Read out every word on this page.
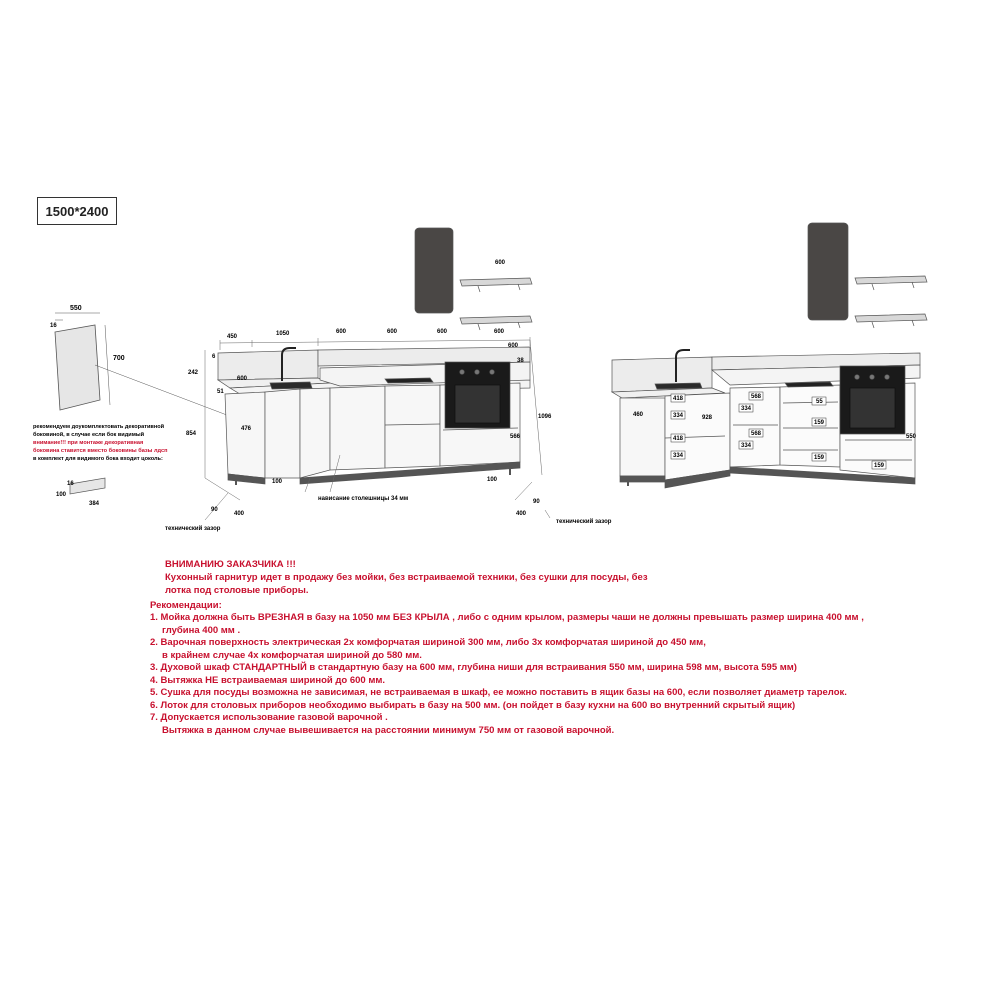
1500*2400
550
16
700
рекомендуем доукомплектовать декоративной
боковиной, в случае если бок видимый
внимание!!! при монтаже декоративная
боковина ставится вместо боковины базы лдсп
в комплект для видимого бока входит цоколь:
16
100
384
450	1050	600	600	600	600
600
600
38
6
242
600
51
476
854
1096
566
100	100
90
400
90
400
нависание столешницы 34 мм
технический зазор
технический зазор
460
418
334	928
418
334
568
334
568
334
55
159
159
159
550

ВНИМАНИЮ ЗАКАЗЧИКА !!!

Кухонный гарнитур идет в продажу без мойки, без встраиваемой техники, без сушки для посуды, без

лотка под столовые приборы.

Рекомендации:

1. Мойка должна быть ВРЕЗНАЯ в базу на 1050 мм БЕЗ КРЫЛА , либо с одним крылом, размеры чаши не должны превышать размер ширина 400 мм ,

глубина 400 мм .

2. Варочная поверхность электрическая 2х комфорчатая шириной 300 мм, либо 3х комфорчатая шириной до 450 мм,

в крайнем случае 4х комфорчатая шириной до 580 мм.

3. Духовой шкаф СТАНДАРТНЫЙ в стандартную базу на 600 мм, глубина ниши для встраивания 550 мм, ширина 598 мм, высота 595 мм)

4. Вытяжка НЕ встраиваемая шириной до 600 мм.

5. Сушка для посуды возможна не зависимая, не встраиваемая в шкаф, ее можно поставить в ящик базы на 600, если позволяет диаметр тарелок.

6. Лоток для столовых приборов необходимо выбирать в базу на 500 мм. (он пойдет в базу кухни на 600 во внутренний скрытый ящик)

7. Допускается использование газовой варочной .

Вытяжка в данном случае вывешивается на расстоянии минимум 750 мм от газовой варочной.
